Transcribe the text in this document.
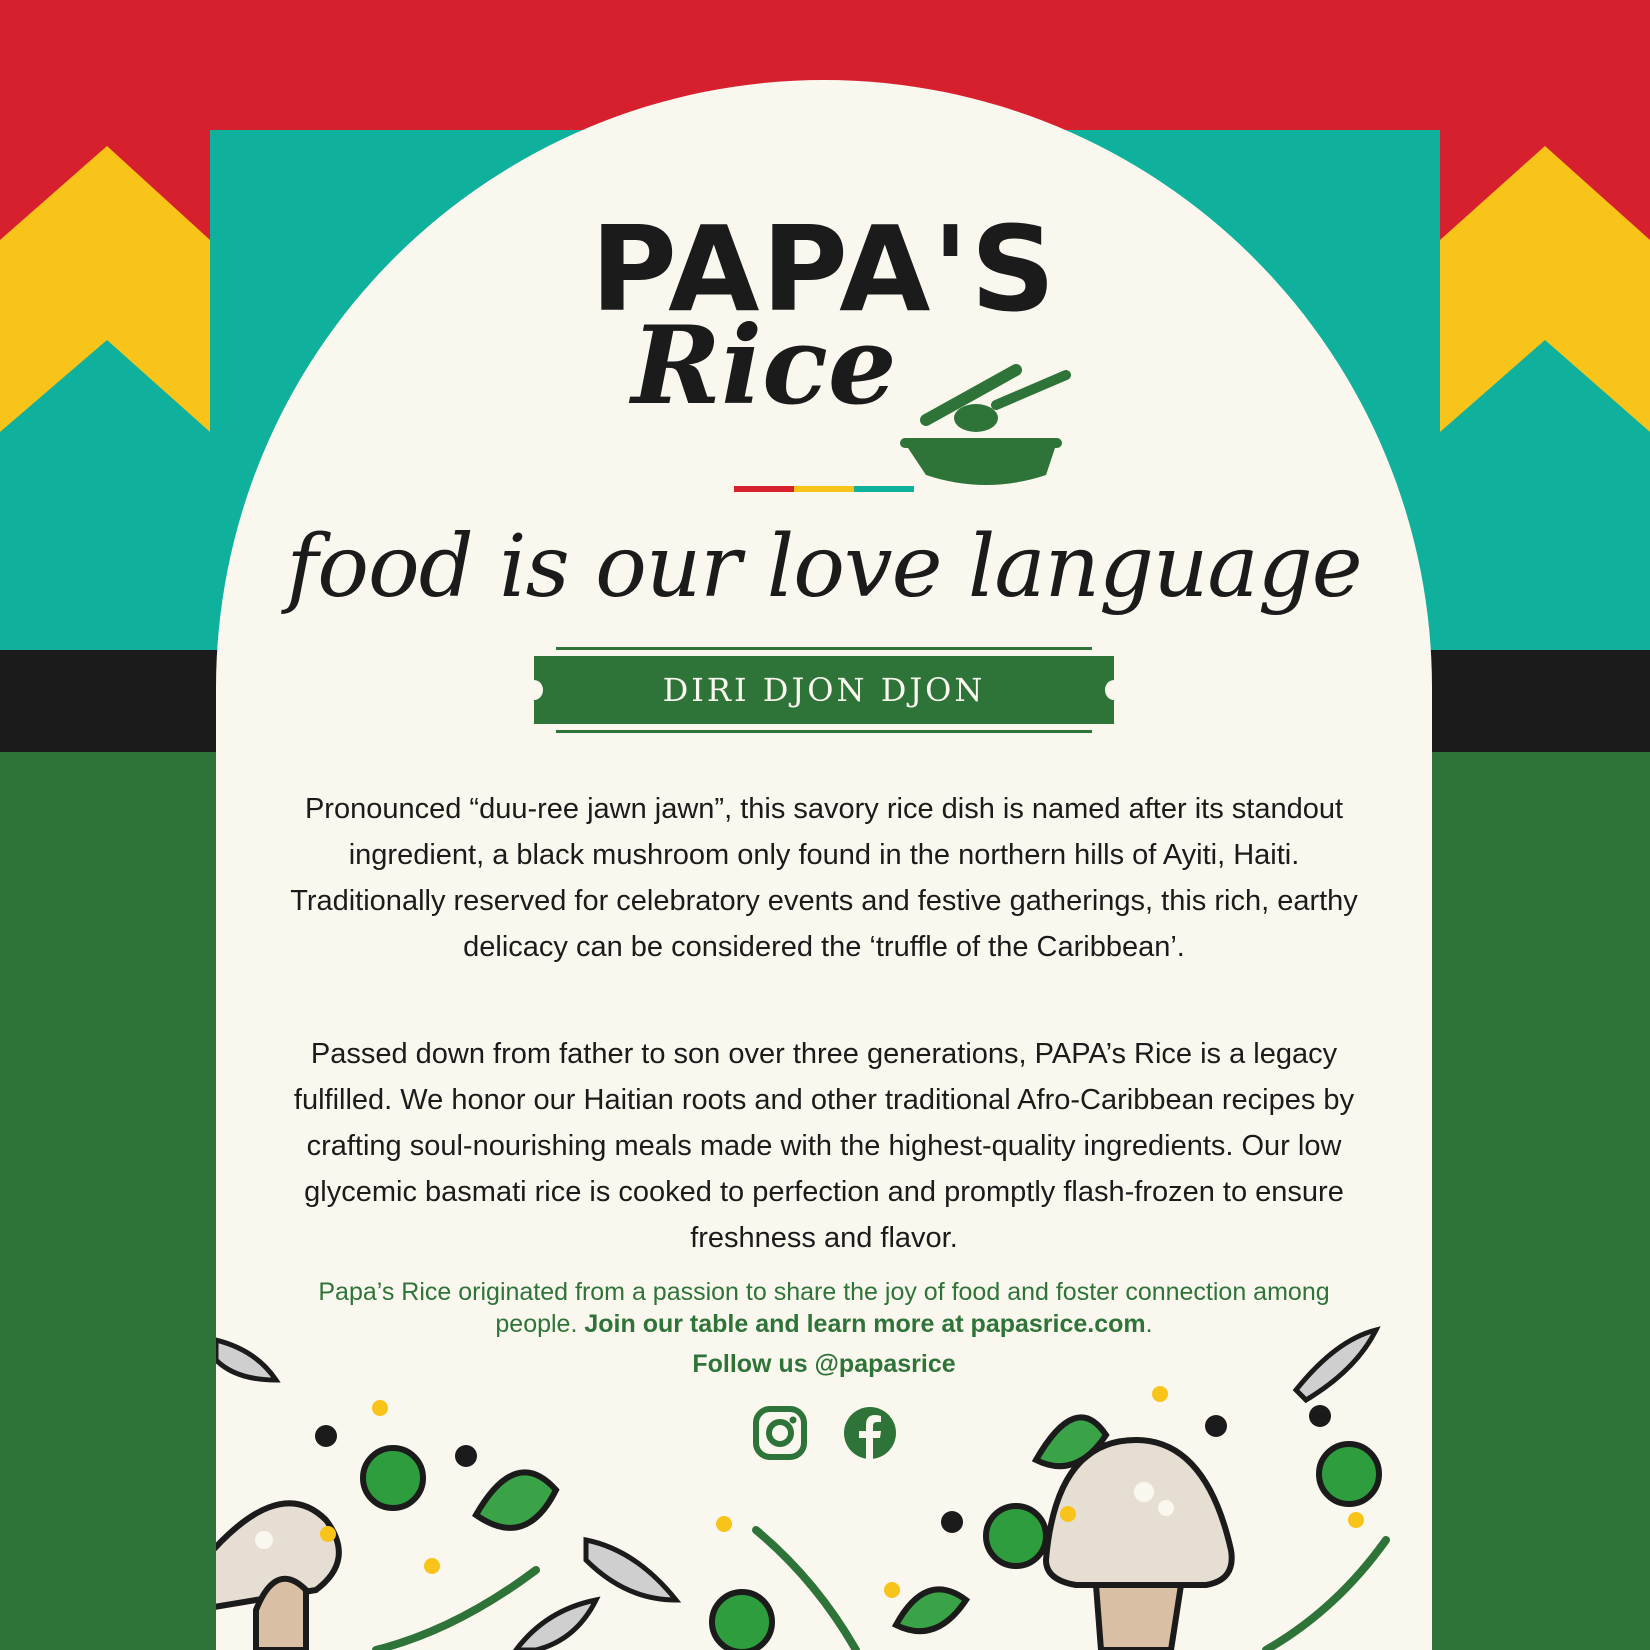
PAPA'S
Rice
food is our love language
DIRI DJON DJON
Pronounced “duu-ree jawn jawn”, this savory rice dish is named after its standout ingredient, a black mushroom only found in the northern hills of Ayiti, Haiti. Traditionally reserved for celebratory events and festive gatherings, this rich, earthy delicacy can be considered the ‘truffle of the Caribbean’.
Passed down from father to son over three generations, PAPA’s Rice is a legacy fulfilled. We honor our Haitian roots and other traditional Afro-Caribbean recipes by crafting soul-nourishing meals made with the highest-quality ingredients. Our low glycemic basmati rice is cooked to perfection and promptly flash-frozen to ensure freshness and flavor.
Papa’s Rice originated from a passion to share the joy of food and foster connection among people. Join our table and learn more at papasrice.com.
Follow us @papasrice
